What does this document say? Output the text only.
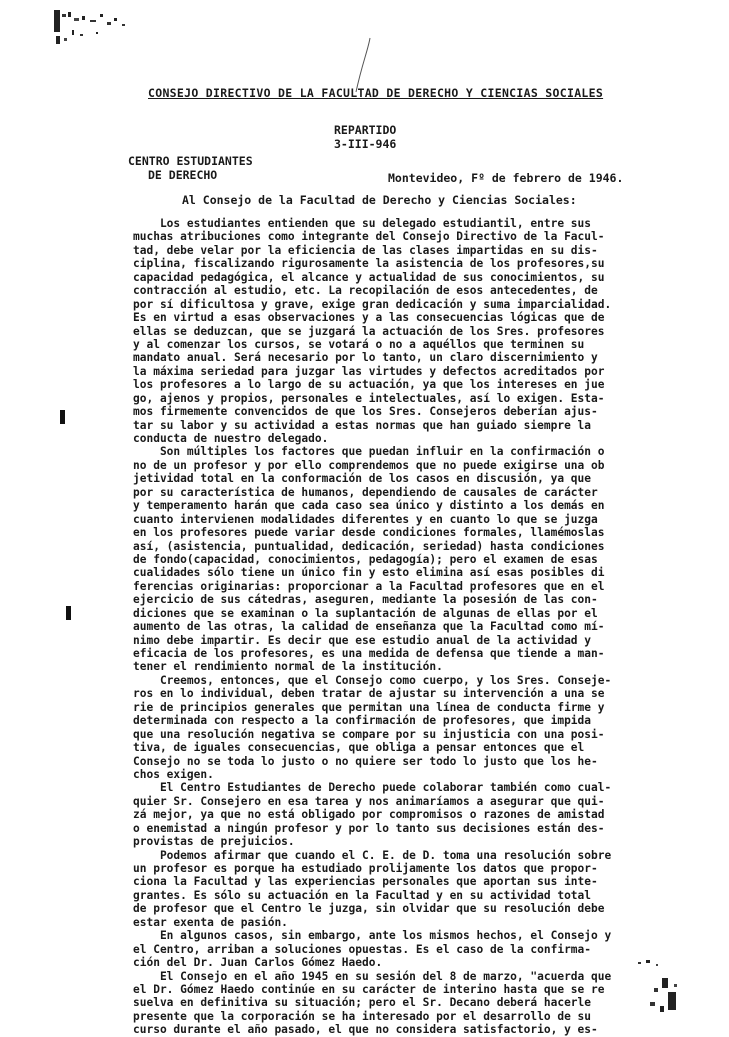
CONSEJO DIRECTIVO DE LA FACULTAD DE DERECHO Y CIENCIAS SOCIALES
REPARTIDO
3-III-946
CENTRO ESTUDIANTES
DE DERECHO	Montevideo, Fº de febrero de 1946.
Al Consejo de la Facultad de Derecho y Ciencias Sociales:
Los estudiantes entienden que su delegado estudiantil, entre sus
muchas atribuciones como integrante del Consejo Directivo de la Facul-
tad, debe velar por la eficiencia de las clases impartidas en su dis-
ciplina, fiscalizando rigurosamente la asistencia de los profesores,su
capacidad pedagógica, el alcance y actualidad de sus conocimientos, su
contracción al estudio, etc. La recopilación de esos antecedentes, de
por sí dificultosa y grave, exige gran dedicación y suma imparcialidad.
Es en virtud a esas observaciones y a las consecuencias lógicas que de
ellas se deduzcan, que se juzgará la actuación de los Sres. profesores
y al comenzar los cursos, se votará o no a aquéllos que terminen su
mandato anual. Será necesario por lo tanto, un claro discernimiento y
la máxima seriedad para juzgar las virtudes y defectos acreditados por
los profesores a lo largo de su actuación, ya que los intereses en jue
go, ajenos y propios, personales e intelectuales, así lo exigen. Esta-
mos firmemente convencidos de que los Sres. Consejeros deberían ajus-
tar su labor y su actividad a estas normas que han guiado siempre la
conducta de nuestro delegado.
Son múltiples los factores que puedan influir en la confirmación o
no de un profesor y por ello comprendemos que no puede exigirse una ob
jetividad total en la conformación de los casos en discusión, ya que
por su característica de humanos, dependiendo de causales de carácter
y temperamento harán que cada caso sea único y distinto a los demás en
cuanto intervienen modalidades diferentes y en cuanto lo que se juzga
en los profesores puede variar desde condiciones formales, llamémoslas
así, (asistencia, puntualidad, dedicación, seriedad) hasta condiciones
de fondo(capacidad, conocimientos, pedagogía); pero el examen de esas
cualidades sólo tiene un único fin y esto elimina así esas posibles di
ferencias originarias: proporcionar a la Facultad profesores que en el
ejercicio de sus cátedras, aseguren, mediante la posesión de las con-
diciones que se examinan o la suplantación de algunas de ellas por el
aumento de las otras, la calidad de enseñanza que la Facultad como mí-
nimo debe impartir. Es decir que ese estudio anual de la actividad y
eficacia de los profesores, es una medida de defensa que tiende a man-
tener el rendimiento normal de la institución.
Creemos, entonces, que el Consejo como cuerpo, y los Sres. Conseje-
ros en lo individual, deben tratar de ajustar su intervención a una se
rie de principios generales que permitan una línea de conducta firme y
determinada con respecto a la confirmación de profesores, que impida
que una resolución negativa se compare por su injusticia con una posi-
tiva, de iguales consecuencias, que obliga a pensar entonces que el
Consejo no se toda lo justo o no quiere ser todo lo justo que los he-
chos exigen.
El Centro Estudiantes de Derecho puede colaborar también como cual-
quier Sr. Consejero en esa tarea y nos animaríamos a asegurar que qui-
zá mejor, ya que no está obligado por compromisos o razones de amistad
o enemistad a ningún profesor y por lo tanto sus decisiones están des-
provistas de prejuicios.
Podemos afirmar que cuando el C. E. de D. toma una resolución sobre
un profesor es porque ha estudiado prolijamente los datos que propor-
ciona la Facultad y las experiencias personales que aportan sus inte-
grantes. Es sólo su actuación en la Facultad y en su actividad total
de profesor que el Centro le juzga, sin olvidar que su resolución debe
estar exenta de pasión.
En algunos casos, sin embargo, ante los mismos hechos, el Consejo y
el Centro, arriban a soluciones opuestas. Es el caso de la confirma-
ción del Dr. Juan Carlos Gómez Haedo.
El Consejo en el año 1945 en su sesión del 8 de marzo, "acuerda que
el Dr. Gómez Haedo continúe en su carácter de interino hasta que se re
suelva en definitiva su situación; pero el Sr. Decano deberá hacerle
presente que la corporación se ha interesado por el desarrollo de su
curso durante el año pasado, el que no considera satisfactorio, y es-
